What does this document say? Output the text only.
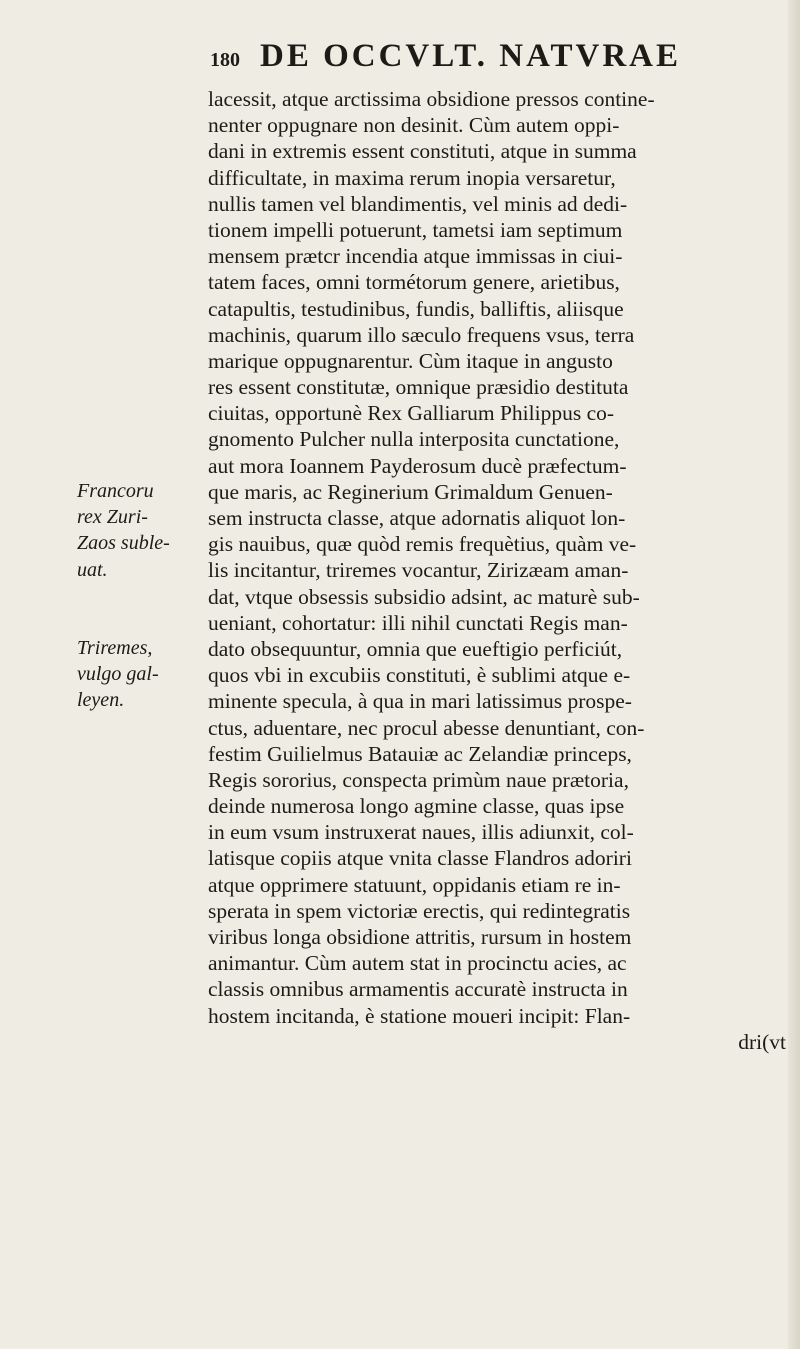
180 DE OCCVLT. NATVRAE
Francoru
rex Zuri-
Zaos suble-
uat.
Triremes,
vulgo gal-
leyen.
lacessit, atque arctissima obsidione pressos contine-
nenter oppugnare non desinit. Cùm autem oppi-
dani in extremis essent constituti, atque in summa
difficultate, in maxima rerum inopia versaretur,
nullis tamen vel blandimentis, vel minis ad dedi-
tionem impelli potuerunt, tametsi iam septimum
mensem prætcr incendia atque immissas in ciui-
tatem faces, omni tormétorum genere, arietibus,
catapultis, testudinibus, fundis, balliftis, aliisque
machinis, quarum illo sæculo frequens vsus, terra
marique oppugnarentur. Cùm itaque in angusto
res essent constitutæ, omnique præsidio destituta
ciuitas, opportunè Rex Galliarum Philippus co-
gnomento Pulcher nulla interposita cunctatione,
aut mora Ioannem Payderosum ducè præfectum-
que maris, ac Reginerium Grimaldum Genuen-
sem instructa classe, atque adornatis aliquot lon-
gis nauibus, quæ quòd remis frequètius, quàm ve-
lis incitantur, triremes vocantur, Zirizæam aman-
dat, vtque obsessis subsidio adsint, ac maturè sub-
ueniant, cohortatur: illi nihil cunctati Regis man-
dato obsequuntur, omnia que eueftigio perficiút,
quos vbi in excubiis constituti, è sublimi atque e-
minente specula, à qua in mari latissimus prospe-
ctus, aduentare, nec procul abesse denuntiant, con-
festim Guilielmus Batauiæ ac Zelandiæ princeps,
Regis sororius, conspecta primùm naue prætoria,
deinde numerosa longo agmine classe, quas ipse
in eum vsum instruxerat naues, illis adiunxit, col-
latisque copiis atque vnita classe Flandros adoriri
atque opprimere statuunt, oppidanis etiam re in-
sperata in spem victoriæ erectis, qui redintegratis
viribus longa obsidione attritis, rursum in hostem
animantur. Cùm autem stat in procinctu acies, ac
classis omnibus armamentis accuratè instructa in
hostem incitanda, è statione moueri incipit: Flan-
dri(vt
